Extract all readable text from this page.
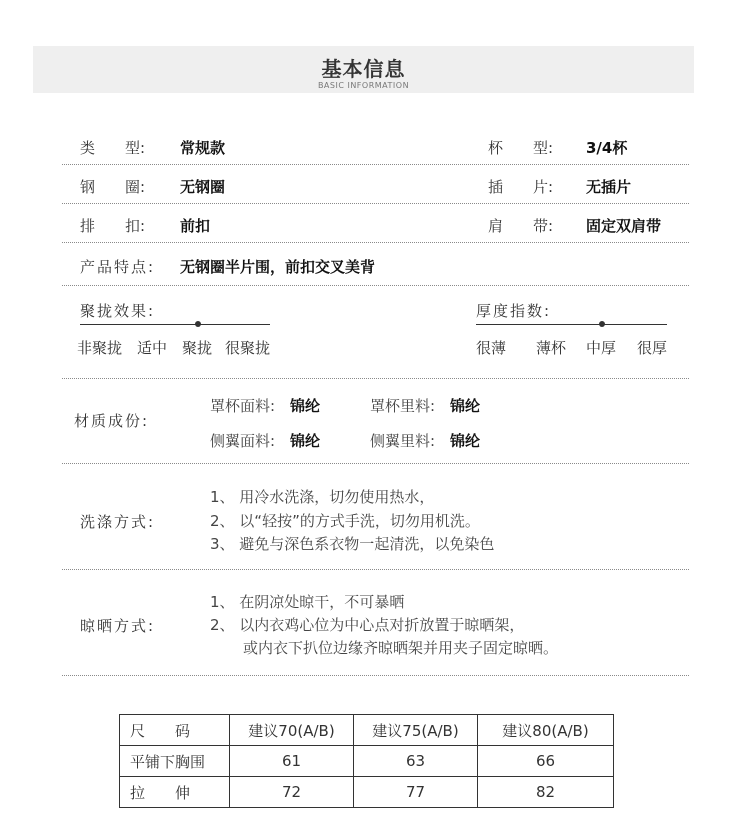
基本信息
BASIC INFORMATION
类　　型: 常规款	杯　　型: 3/4杯
钢　　圈: 无钢圈	插　　片: 无插片
排　　扣: 前扣	肩　　带: 固定双肩带
产品特点: 无钢圈半片围，前扣交叉美背
聚拢效果:
非聚拢 适中 聚拢 很聚拢
厚度指数:
很薄 薄杯 中厚 很厚
材质成份:
罩杯面料: 锦纶	罩杯里料: 锦纶
侧翼面料: 锦纶	侧翼里料: 锦纶
洗涤方式:
1、 用冷水洗涤，切勿使用热水，
2、 以“轻按”的方式手洗，切勿用机洗。
3、 避免与深色系衣物一起清洗，以免染色
晾晒方式:
1、 在阴凉处晾干，不可暴晒
2、 以内衣鸡心位为中心点对折放置于晾晒架，
或内衣下扒位边缘齐晾晒架并用夹子固定晾晒。
尺　　码	建议70(A/B)	建议75(A/B)	建议80(A/B)
平铺下胸围	61	63	66
拉　　伸	72	77	82
